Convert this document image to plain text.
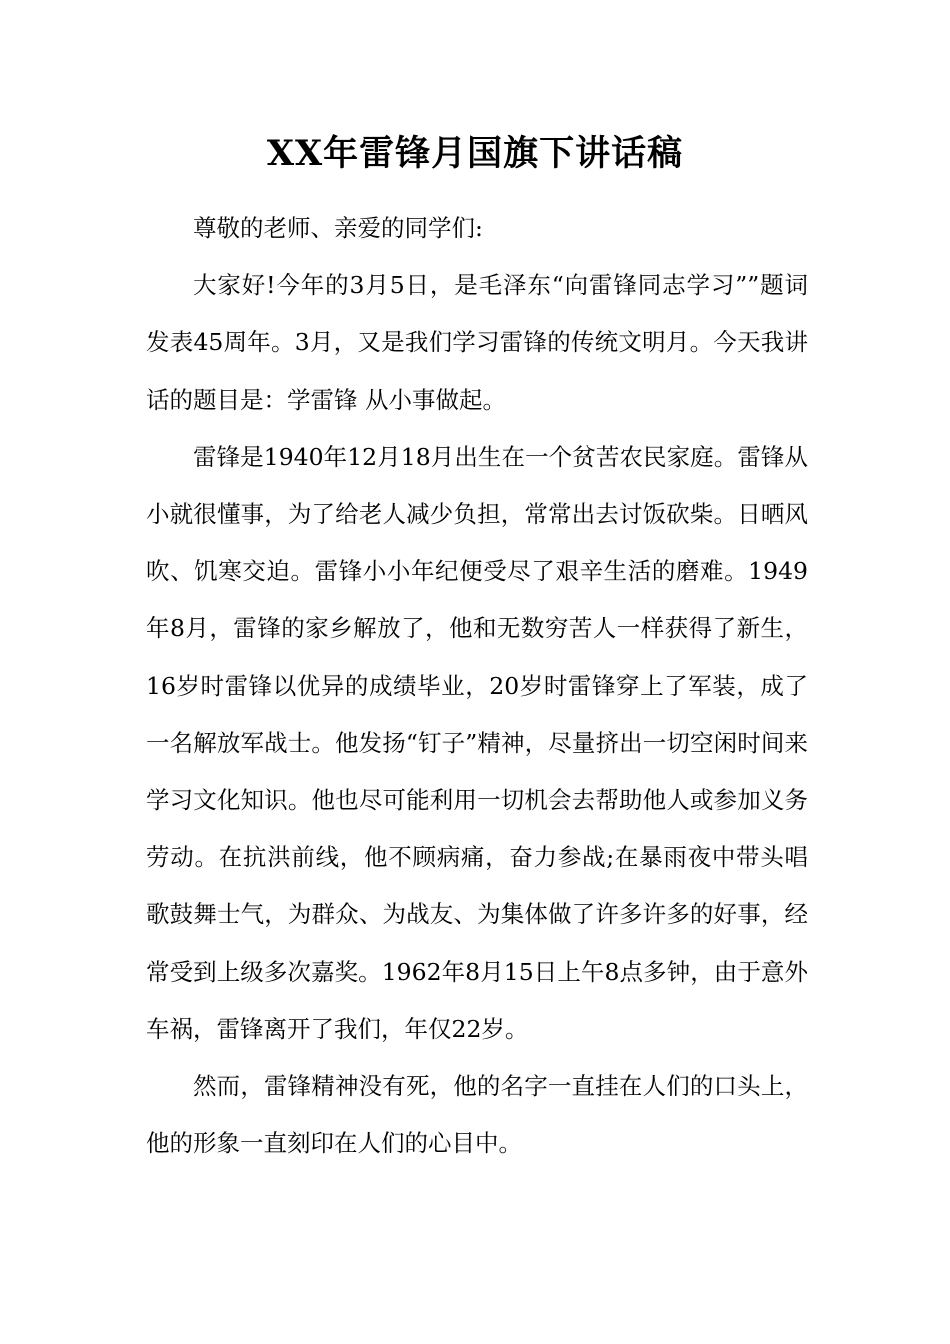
XX年雷锋月国旗下讲话稿

尊敬的老师、亲爱的同学们:

大家好!今年的3月5日，是毛泽东“向雷锋同志学习””题词发表45周年。3月，又是我们学习雷锋的传统文明月。今天我讲话的题目是：学雷锋 从小事做起。

雷锋是1940年12月18月出生在一个贫苦农民家庭。雷锋从小就很懂事，为了给老人减少负担，常常出去讨饭砍柴。日晒风吹、饥寒交迫。雷锋小小年纪便受尽了艰辛生活的磨难。1949年8月，雷锋的家乡解放了，他和无数穷苦人一样获得了新生，16岁时雷锋以优异的成绩毕业，20岁时雷锋穿上了军装，成了一名解放军战士。他发扬“钉子”精神，尽量挤出一切空闲时间来学习文化知识。他也尽可能利用一切机会去帮助他人或参加义务劳动。在抗洪前线，他不顾病痛，奋力参战;在暴雨夜中带头唱歌鼓舞士气，为群众、为战友、为集体做了许多许多的好事，经常受到上级多次嘉奖。1962年8月15日上午8点多钟，由于意外车祸，雷锋离开了我们，年仅22岁。

然而，雷锋精神没有死，他的名字一直挂在人们的口头上，他的形象一直刻印在人们的心目中。
